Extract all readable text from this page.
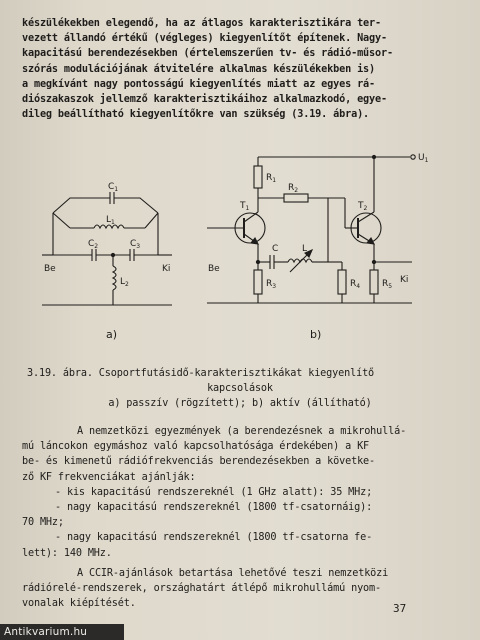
készülékekben elegendő, ha az átlagos karakterisztikára ter-
vezett állandó értékű (végleges) kiegyenlítőt építenek. Nagy-
kapacitású berendezésekben (értelemszerűen tv- és rádió-műsor-
szórás modulációjának átvitelére alkalmas készülékekben is)
a megkívánt nagy pontosságú kiegyenlítés miatt az egyes rá-
diószakaszok jellemző karakterisztikáihoz alkalmazkodó, egye-
dileg beállítható kiegyenlítőkre van szükség (3.19. ábra).
Be	Ki
$C_1$
$L_1$
$C_2$	$C_3$
$L_2$
a)
$U_1$
$R_1$
$T_1$
$R_2$
C	L
$R_3$
$T_2$
$R_4$ $R_5$
Be
Ki
b)
3.19. ábra. Csoportfutásidő-karakterisztikákat kiegyenlítő
kapcsolások
a) passzív (rögzített); b) aktív (állítható)
A nemzetközi egyezmények (a berendezésnek a mikrohullá-
mú láncokon egymáshoz való kapcsolhatósága érdekében) a KF
be- és kimenetű rádiófrekvenciás berendezésekben a követke-
ző KF frekvenciákat ajánlják:
- kis kapacitású rendszereknél (1 GHz alatt): 35 MHz;
- nagy kapacitású rendszereknél (1800 tf-csatornáig):
70 MHz;
- nagy kapacitású rendszereknél (1800 tf-csatorna fe-
lett): 140 MHz.
A CCIR-ajánlások betartása lehetővé teszi nemzetközi
rádiórelé-rendszerek, országhatárt átlépő mikrohullámú nyom-
vonalak kiépítését.	37
Antikvarium.hu
